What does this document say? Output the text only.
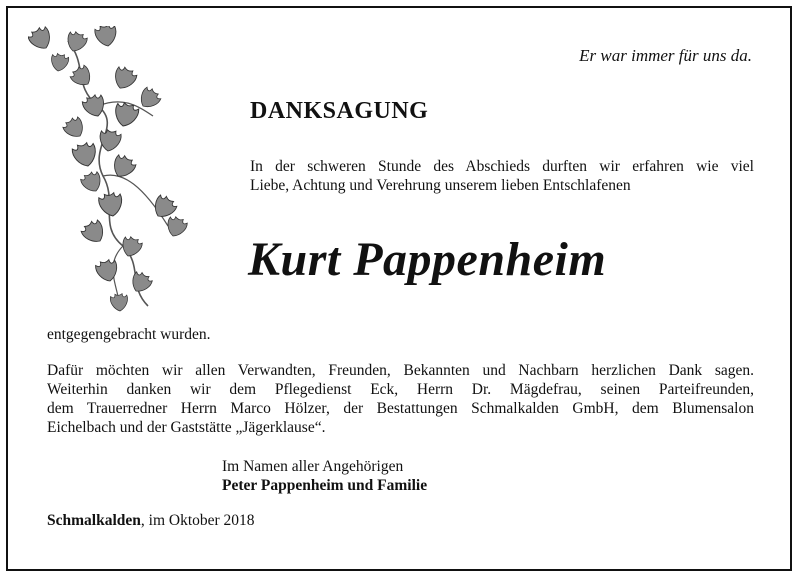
Er war immer für uns da.
DANKSAGUNG

In der schweren Stunde des Abschieds durften wir erfahren wie viel

Liebe, Achtung und Verehrung unserem lieben Entschlafenen

Kurt Pappenheim
entgegengebracht wurden.

Dafür möchten wir allen Verwandten, Freunden, Bekannten und Nachbarn herzlichen Dank sagen.

Weiterhin danken wir dem Pflegedienst Eck, Herrn Dr. Mägdefrau, seinen Parteifreunden,

dem Trauerredner Herrn Marco Hölzer, der Bestattungen Schmalkalden GmbH, dem Blumensalon

Eichelbach und der Gaststätte „Jägerklause“.

Im Namen aller Angehörigen
Peter Pappenheim und Familie
Schmalkalden, im Oktober 2018
